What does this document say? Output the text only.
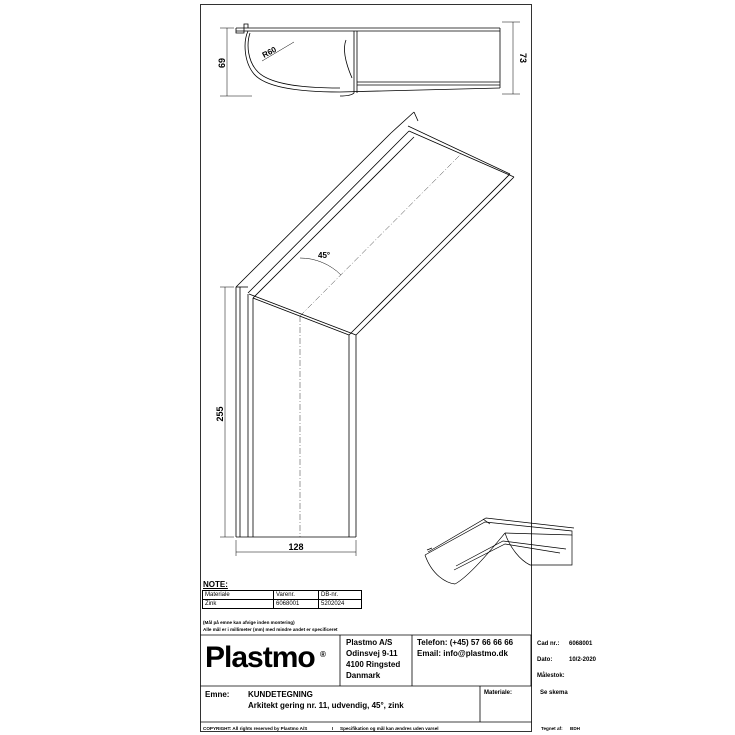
69	73
R60
255
128
45°
NOTE:
Materiale	Varenr.	DB-nr.
Zink	6068001	5202024
(Mål på emne kan afvige inden montering)
Alle mål er i millimeter (mm) med mindre andet er specificeret
Plastmo ®
Plastmo A/S
Odinsvej 9-11
4100 Ringsted
Danmark
Telefon: (+45) 57 66 66 66
Email: info@plastmo.dk
Cad nr.: 6068001
Dato:	10/2-2020
Målestok:
Emne: KUNDETEGNING
Arkitekt gering nr. 11, udvendig, 45°, zink
Materiale:	Se skema
COPYRIGHT: All rights reserved by Plastmo A/S	I Specifikation og mål kan ændres uden varsel	Tegnet af: BDH
